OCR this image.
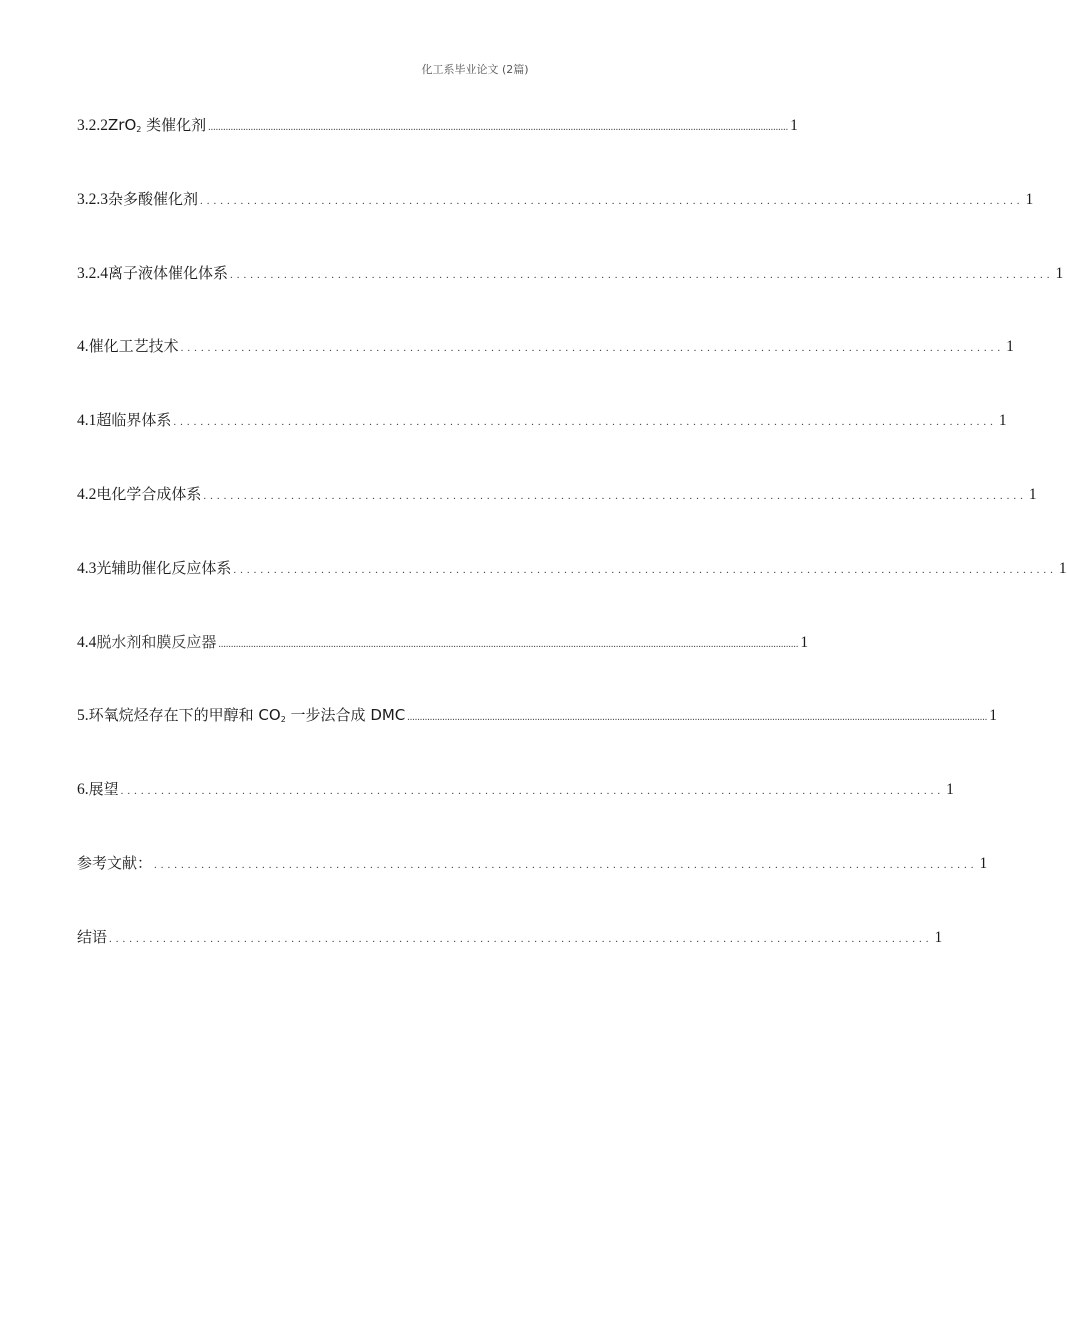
化工系毕业论文 (2篇)
3.2.2 ZrO$_2$ 类催化剂 ........................................................................................................................................................................................................................................ 1
3.2.3 杂多酸催化剂 .......................................................................................................................... 1
3.2.4 离子液体催化体系 .......................................................................................................................... 1
4. 催化工艺技术 .......................................................................................................................... 1
4.1 超临界体系 .......................................................................................................................... 1
4.2 电化学合成体系 .......................................................................................................................... 1
4.3 光辅助催化反应体系 .......................................................................................................................... 1
4.4 脱水剂和膜反应器 ........................................................................................................................................................................................................................................ 1
5. 环氧烷烃存在下的甲醇和 $CO_2$ 一步法合成 DMC ........................................................................................................................................................................................................................................ 1
6. 展望 .......................................................................................................................... 1
参考文献： .......................................................................................................................... 1
结语 .......................................................................................................................... 1
